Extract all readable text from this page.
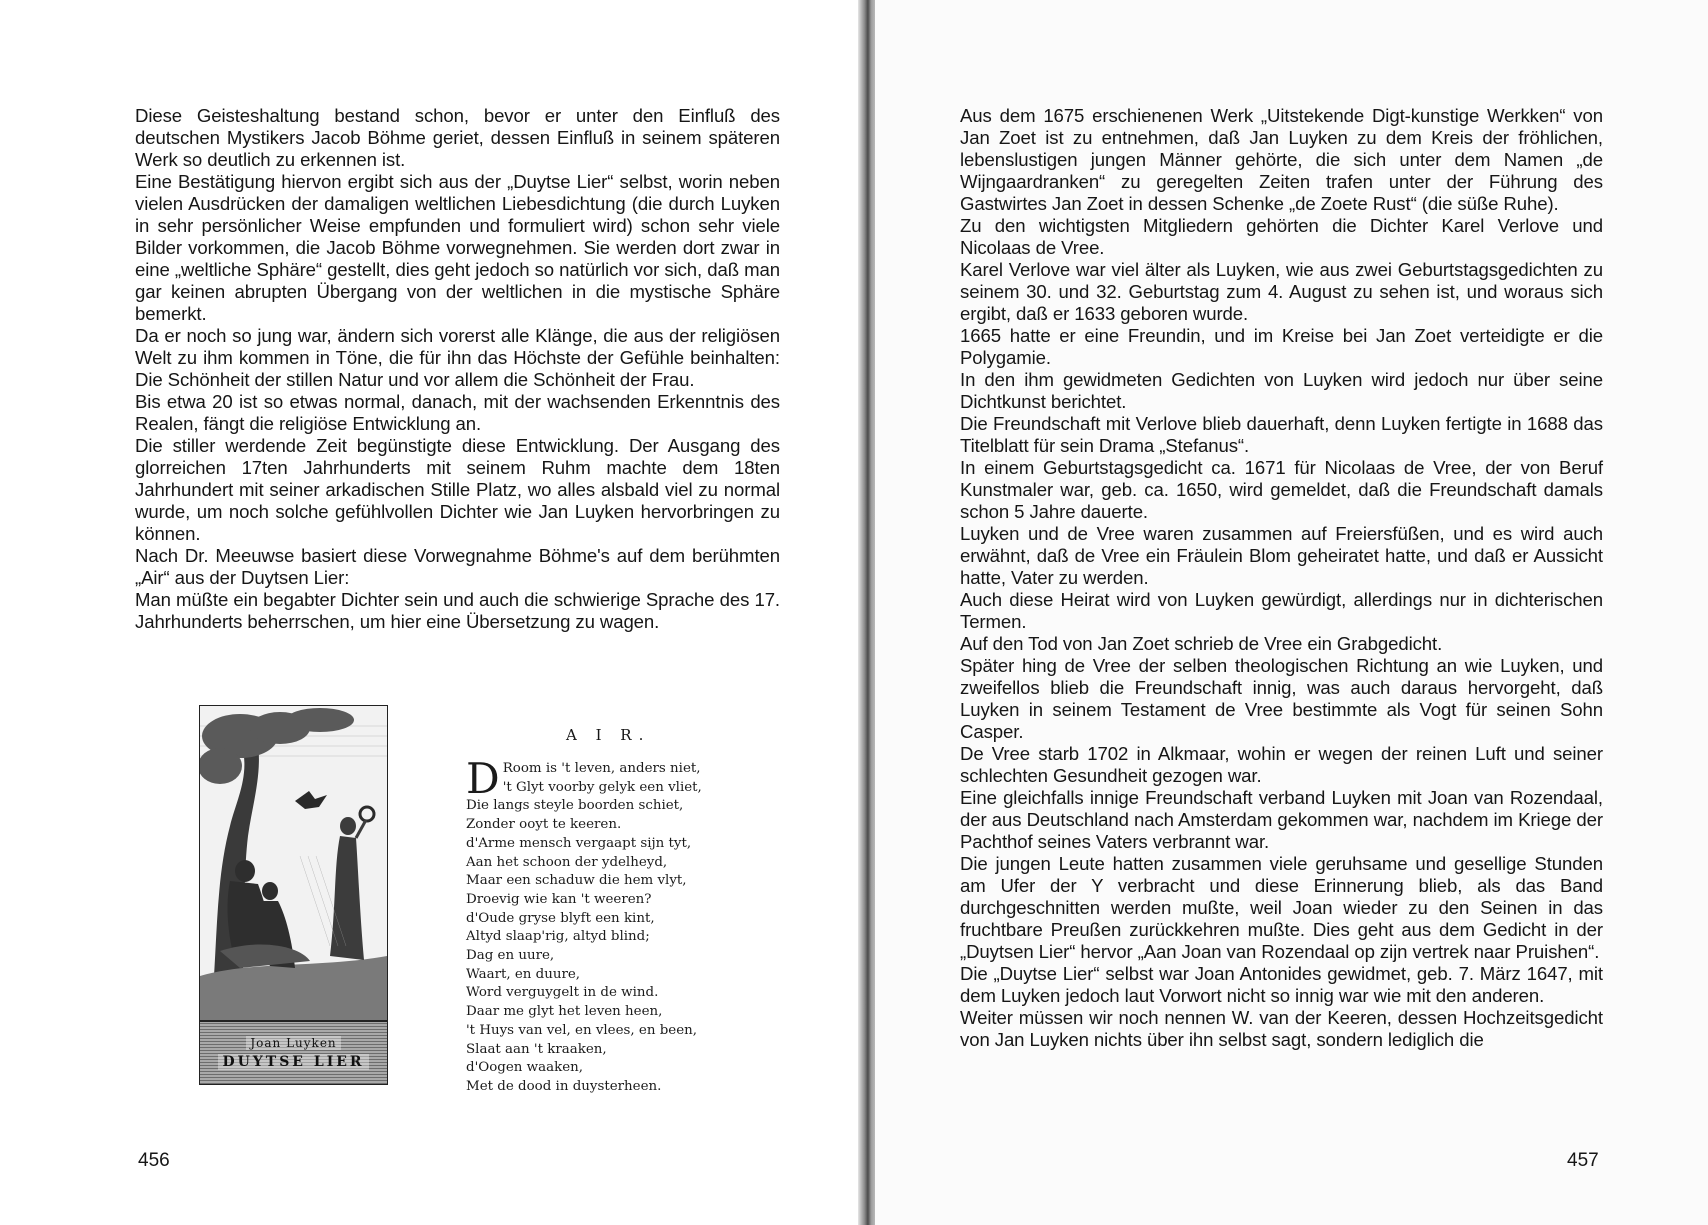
Diese Geisteshaltung bestand schon, bevor er unter den Einfluß des deutschen Mystikers Jacob Böhme geriet, dessen Einfluß in seinem späteren Werk so deutlich zu erkennen ist.

Eine Bestätigung hiervon ergibt sich aus der „Duytse Lier“ selbst, worin neben vielen Ausdrücken der damaligen weltlichen Liebesdichtung (die durch Luyken in sehr persönlicher Weise empfunden und formuliert wird) schon sehr viele Bilder vorkommen, die Jacob Böhme vorwegnehmen. Sie werden dort zwar in eine „weltliche Sphäre“ gestellt, dies geht jedoch so natürlich vor sich, daß man gar keinen abrupten Übergang von der weltlichen in die mystische Sphäre bemerkt.

Da er noch so jung war, ändern sich vorerst alle Klänge, die aus der religiösen Welt zu ihm kommen in Töne, die für ihn das Höchste der Gefühle beinhalten: Die Schönheit der stillen Natur und vor allem die Schönheit der Frau.

Bis etwa 20 ist so etwas normal, danach, mit der wachsenden Erkenntnis des Realen, fängt die religiöse Entwicklung an.

Die stiller werdende Zeit begünstigte diese Entwicklung. Der Ausgang des glorreichen 17ten Jahrhunderts mit seinem Ruhm machte dem 18ten Jahrhundert mit seiner arkadischen Stille Platz, wo alles alsbald viel zu normal wurde, um noch solche gefühlvollen Dichter wie Jan Luyken hervorbringen zu können.

Nach Dr. Meeuwse basiert diese Vorwegnahme Böhme's auf dem berühmten „Air“ aus der Duytsen Lier:

Man müßte ein begabter Dichter sein und auch die schwierige Sprache des 17. Jahrhunderts beherrschen, um hier eine Übersetzung zu wagen.

Joan Luyken
DUYTSE LIER
A I R.
D Room is 't leven, anders niet,
't Glyt voorby gelyk een vliet,
Die langs steyle boorden schiet,
Zonder ooyt te keeren.
d'Arme mensch vergaapt sijn tyt,
Aan het schoon der ydelheyd,
Maar een schaduw die hem vlyt,
Droevig wie kan 't weeren?
d'Oude gryse blyft een kint,
Altyd slaap'rig, altyd blind;
Dag en uure,
Waart, en duure,
Word verguygelt in de wind.
Daar me glyt het leven heen,
't Huys van vel, en vlees, en been,
Slaat aan 't kraaken,
d'Oogen waaken,
Met de dood in duysterheen.
456

Aus dem 1675 erschienenen Werk „Uitstekende Digt-kunstige Werkken“ von Jan Zoet ist zu entnehmen, daß Jan Luyken zu dem Kreis der fröhlichen, lebenslustigen jungen Männer gehörte, die sich unter dem Namen „de Wijngaardranken“ zu geregelten Zeiten trafen unter der Führung des Gastwirtes Jan Zoet in dessen Schenke „de Zoete Rust“ (die süße Ruhe).

Zu den wichtigsten Mitgliedern gehörten die Dichter Karel Verlove und Nicolaas de Vree.

Karel Verlove war viel älter als Luyken, wie aus zwei Geburtstagsgedichten zu seinem 30. und 32. Geburtstag zum 4. August zu sehen ist, und woraus sich ergibt, daß er 1633 geboren wurde.

1665 hatte er eine Freundin, und im Kreise bei Jan Zoet verteidigte er die Polygamie.

In den ihm gewidmeten Gedichten von Luyken wird jedoch nur über seine Dichtkunst berichtet.

Die Freundschaft mit Verlove blieb dauerhaft, denn Luyken fertigte in 1688 das Titelblatt für sein Drama „Stefanus“.

In einem Geburtstagsgedicht ca. 1671 für Nicolaas de Vree, der von Beruf Kunstmaler war, geb. ca. 1650, wird gemeldet, daß die Freundschaft damals schon 5 Jahre dauerte.

Luyken und de Vree waren zusammen auf Freiersfüßen, und es wird auch erwähnt, daß de Vree ein Fräulein Blom geheiratet hatte, und daß er Aussicht hatte, Vater zu werden.

Auch diese Heirat wird von Luyken gewürdigt, allerdings nur in dichterischen Termen.

Auf den Tod von Jan Zoet schrieb de Vree ein Grabgedicht.

Später hing de Vree der selben theologischen Richtung an wie Luyken, und zweifellos blieb die Freundschaft innig, was auch daraus hervorgeht, daß Luyken in seinem Testament de Vree bestimmte als Vogt für seinen Sohn Casper.

De Vree starb 1702 in Alkmaar, wohin er wegen der reinen Luft und seiner schlechten Gesundheit gezogen war.

Eine gleichfalls innige Freundschaft verband Luyken mit Joan van Rozendaal, der aus Deutschland nach Amsterdam gekommen war, nachdem im Kriege der Pachthof seines Vaters verbrannt war.

Die jungen Leute hatten zusammen viele geruhsame und gesellige Stunden am Ufer der Y verbracht und diese Erinnerung blieb, als das Band durchgeschnitten werden mußte, weil Joan wieder zu den Seinen in das fruchtbare Preußen zurückkehren mußte. Dies geht aus dem Gedicht in der „Duytsen Lier“ hervor „Aan Joan van Rozendaal op zijn vertrek naar Pruishen“.

Die „Duytse Lier“ selbst war Joan Antonides gewidmet, geb. 7. März 1647, mit dem Luyken jedoch laut Vorwort nicht so innig war wie mit den anderen.

Weiter müssen wir noch nennen W. van der Keeren, dessen Hochzeitsgedicht von Jan Luyken nichts über ihn selbst sagt, sondern lediglich die

457
